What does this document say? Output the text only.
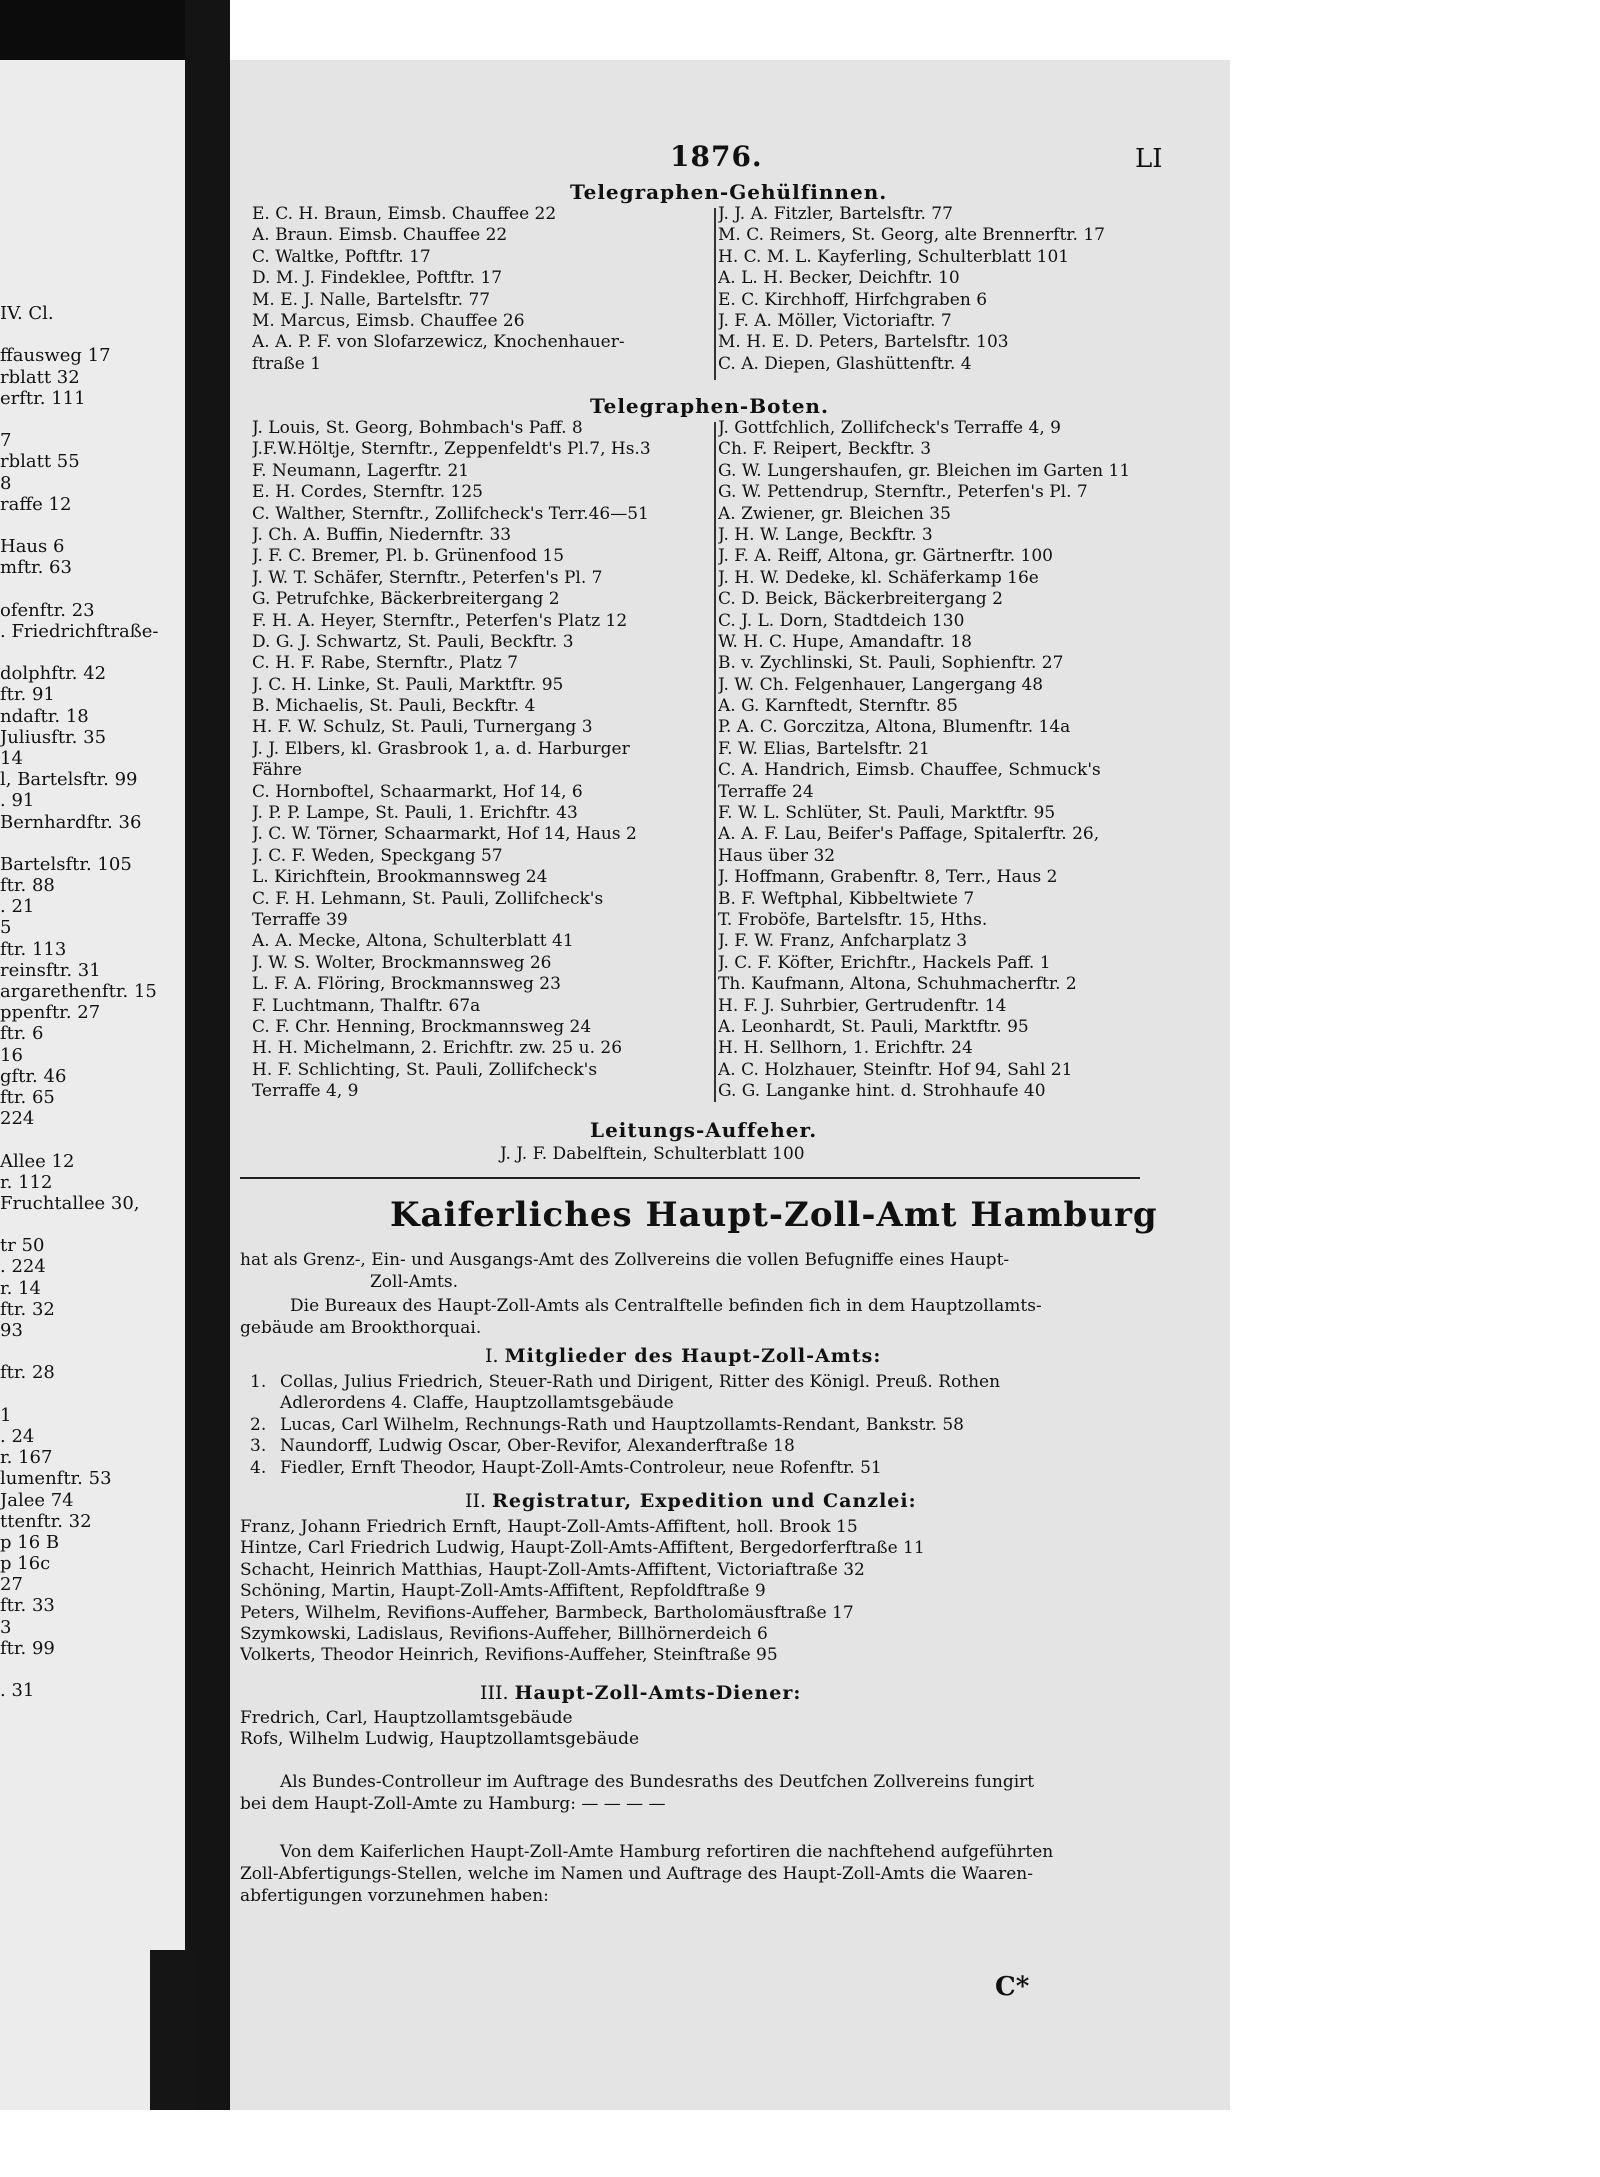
IV. Cl.
ffausweg 17
rblatt 32
erftr. 111
7
rblatt 55
8
raffe 12
Haus 6
mftr. 63
ofenftr. 23
. Friedrichftraße-
dolphftr. 42
ftr. 91
ndaftr. 18
Juliusftr. 35
14
l, Bartelsftr. 99
. 91
Bernhardftr. 36
Bartelsftr. 105
ftr. 88
. 21
5
ftr. 113
reinsftr. 31
argarethenftr. 15
ppenftr. 27
ftr. 6
16
gftr. 46
ftr. 65
224
Allee 12
r. 112
Fruchtallee 30,
tr 50
. 224
r. 14
ftr. 32
93
ftr. 28
1
. 24
r. 167
lumenftr. 53
Jalee 74
ttenftr. 32
p 16 B
p 16c
27
ftr. 33
3
ftr. 99
. 31
1876.	LI
Telegraphen-Gehülfinnen.
E. C. H. Braun, Eimsb. Chauffee 22
A. Braun. Eimsb. Chauffee 22
C. Waltke, Poftftr. 17
D. M. J. Findeklee, Poftftr. 17
M. E. J. Nalle, Bartelsftr. 77
M. Marcus, Eimsb. Chauffee 26
A. A. P. F. von Slofarzewicz, Knochenhauer-
ftraße 1
J. J. A. Fitzler, Bartelsftr. 77
M. C. Reimers, St. Georg, alte Brennerftr. 17
H. C. M. L. Kayferling, Schulterblatt 101
A. L. H. Becker, Deichftr. 10
E. C. Kirchhoff, Hirfchgraben 6
J. F. A. Möller, Victoriaftr. 7
M. H. E. D. Peters, Bartelsftr. 103
C. A. Diepen, Glashüttenftr. 4
Telegraphen-Boten.
J. Louis, St. Georg, Bohmbach's Paff. 8
J.F.W.Höltje, Sternftr., Zeppenfeldt's Pl.7, Hs.3
F. Neumann, Lagerftr. 21
E. H. Cordes, Sternftr. 125
C. Walther, Sternftr., Zollifcheck's Terr.46—51
J. Ch. A. Buffin, Niedernftr. 33
J. F. C. Bremer, Pl. b. Grünenfood 15
J. W. T. Schäfer, Sternftr., Peterfen's Pl. 7
G. Petrufchke, Bäckerbreitergang 2
F. H. A. Heyer, Sternftr., Peterfen's Platz 12
D. G. J. Schwartz, St. Pauli, Beckftr. 3
C. H. F. Rabe, Sternftr., Platz 7
J. C. H. Linke, St. Pauli, Marktftr. 95
B. Michaelis, St. Pauli, Beckftr. 4
H. F. W. Schulz, St. Pauli, Turnergang 3
J. J. Elbers, kl. Grasbrook 1, a. d. Harburger
Fähre
C. Hornboftel, Schaarmarkt, Hof 14, 6
J. P. P. Lampe, St. Pauli, 1. Erichftr. 43
J. C. W. Törner, Schaarmarkt, Hof 14, Haus 2
J. C. F. Weden, Speckgang 57
L. Kirichftein, Brookmannsweg 24
C. F. H. Lehmann, St. Pauli, Zollifcheck's
Terraffe 39
A. A. Mecke, Altona, Schulterblatt 41
J. W. S. Wolter, Brockmannsweg 26
L. F. A. Flöring, Brockmannsweg 23
F. Luchtmann, Thalftr. 67a
C. F. Chr. Henning, Brockmannsweg 24
H. H. Michelmann, 2. Erichftr. zw. 25 u. 26
H. F. Schlichting, St. Pauli, Zollifcheck's
Terraffe 4, 9
J. Gottfchlich, Zollifcheck's Terraffe 4, 9
Ch. F. Reipert, Beckftr. 3
G. W. Lungershaufen, gr. Bleichen im Garten 11
G. W. Pettendrup, Sternftr., Peterfen's Pl. 7
A. Zwiener, gr. Bleichen 35
J. H. W. Lange, Beckftr. 3
J. F. A. Reiff, Altona, gr. Gärtnerftr. 100
J. H. W. Dedeke, kl. Schäferkamp 16e
C. D. Beick, Bäckerbreitergang 2
C. J. L. Dorn, Stadtdeich 130
W. H. C. Hupe, Amandaftr. 18
B. v. Zychlinski, St. Pauli, Sophienftr. 27
J. W. Ch. Felgenhauer, Langergang 48
A. G. Karnftedt, Sternftr. 85
P. A. C. Gorczitza, Altona, Blumenftr. 14a
F. W. Elias, Bartelsftr. 21
C. A. Handrich, Eimsb. Chauffee, Schmuck's
Terraffe 24
F. W. L. Schlüter, St. Pauli, Marktftr. 95
A. A. F. Lau, Beifer's Paffage, Spitalerftr. 26,
Haus über 32
J. Hoffmann, Grabenftr. 8, Terr., Haus 2
B. F. Weftphal, Kibbeltwiete 7
T. Froböfe, Bartelsftr. 15, Hths.
J. F. W. Franz, Anfcharplatz 3
J. C. F. Köfter, Erichftr., Hackels Paff. 1
Th. Kaufmann, Altona, Schuhmacherftr. 2
H. F. J. Suhrbier, Gertrudenftr. 14
A. Leonhardt, St. Pauli, Marktftr. 95
H. H. Sellhorn, 1. Erichftr. 24
A. C. Holzhauer, Steinftr. Hof 94, Sahl 21
G. G. Langanke hint. d. Strohhaufe 40
Leitungs-Auffeher.
J. J. F. Dabelftein, Schulterblatt 100
Kaiferliches Haupt-Zoll-Amt Hamburg
hat als Grenz-, Ein- und Ausgangs-Amt des Zollvereins die vollen Befugniffe eines Haupt-
Zoll-Amts.
Die Bureaux des Haupt-Zoll-Amts als Centralftelle befinden fich in dem Hauptzollamts-
gebäude am Brookthorquai.
I. Mitglieder des Haupt-Zoll-Amts:
1. Collas, Julius Friedrich, Steuer-Rath und Dirigent, Ritter des Königl. Preuß. Rothen
Adlerordens 4. Claffe, Hauptzollamtsgebäude
2. Lucas, Carl Wilhelm, Rechnungs-Rath und Hauptzollamts-Rendant, Bankstr. 58
3. Naundorff, Ludwig Oscar, Ober-Revifor, Alexanderftraße 18
4. Fiedler, Ernft Theodor, Haupt-Zoll-Amts-Controleur, neue Rofenftr. 51
II. Registratur, Expedition und Canzlei:
Franz, Johann Friedrich Ernft, Haupt-Zoll-Amts-Affiftent, holl. Brook 15
Hintze, Carl Friedrich Ludwig, Haupt-Zoll-Amts-Affiftent, Bergedorferftraße 11
Schacht, Heinrich Matthias, Haupt-Zoll-Amts-Affiftent, Victoriaftraße 32
Schöning, Martin, Haupt-Zoll-Amts-Affiftent, Repfoldftraße 9
Peters, Wilhelm, Revifions-Auffeher, Barmbeck, Bartholomäusftraße 17
Szymkowski, Ladislaus, Revifions-Auffeher, Billhörnerdeich 6
Volkerts, Theodor Heinrich, Revifions-Auffeher, Steinftraße 95
III. Haupt-Zoll-Amts-Diener:
Fredrich, Carl, Hauptzollamtsgebäude
Rofs, Wilhelm Ludwig, Hauptzollamtsgebäude
Als Bundes-Controlleur im Auftrage des Bundesraths des Deutfchen Zollvereins fungirt
bei dem Haupt-Zoll-Amte zu Hamburg: — — — —
Von dem Kaiferlichen Haupt-Zoll-Amte Hamburg refortiren die nachftehend aufgeführten
Zoll-Abfertigungs-Stellen, welche im Namen und Auftrage des Haupt-Zoll-Amts die Waaren-
abfertigungen vorzunehmen haben:
C*
